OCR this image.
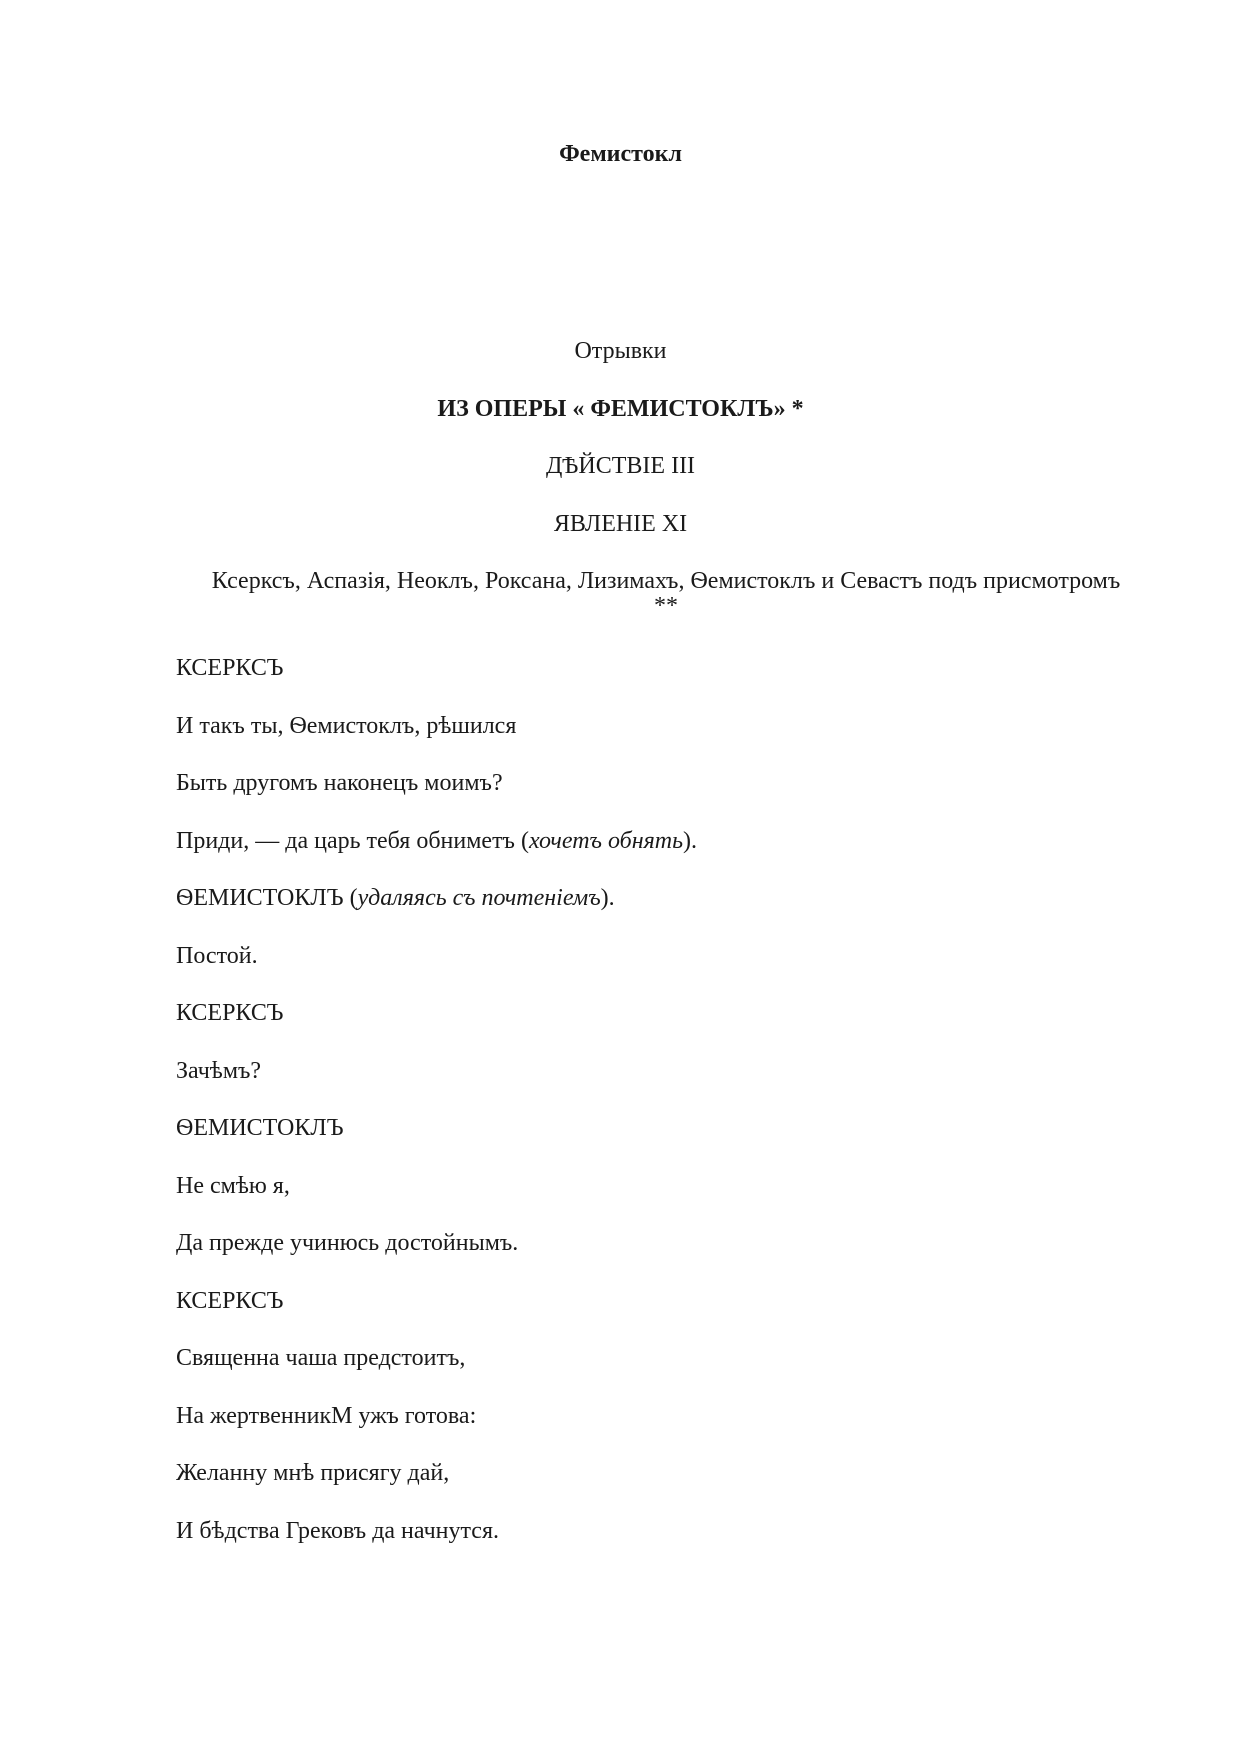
Фемистокл
Отрывки
ИЗ ОПЕРЫ « ФЕМИСТОКЛЪ» *
ДѢЙСТВІЕ III
ЯВЛЕНІЕ XI
Ксерксъ, Аспазія, Неоклъ, Роксана, Лизимахъ, Ѳемистоклъ и Севастъ подъ присмотромъ
**
КСЕРКСЪ
И такъ ты, Ѳемистоклъ, рѣшился
Быть другомъ наконецъ моимъ?
Приди, — да царь тебя обниметъ (хочетъ обнять).
ѲЕМИСТОКЛЪ (удаляясь съ почтеніемъ).
Постой.
КСЕРКСЪ
Зачѣмъ?
ѲЕМИСТОКЛЪ
Не смѣю я,
Да прежде учинюсь достойнымъ.
КСЕРКСЪ
Священна чаша предстоитъ,
На жертвенникМ ужъ готова:
Желанну мнѣ присягу дай,
И бѣдства Грековъ да начнутся.
